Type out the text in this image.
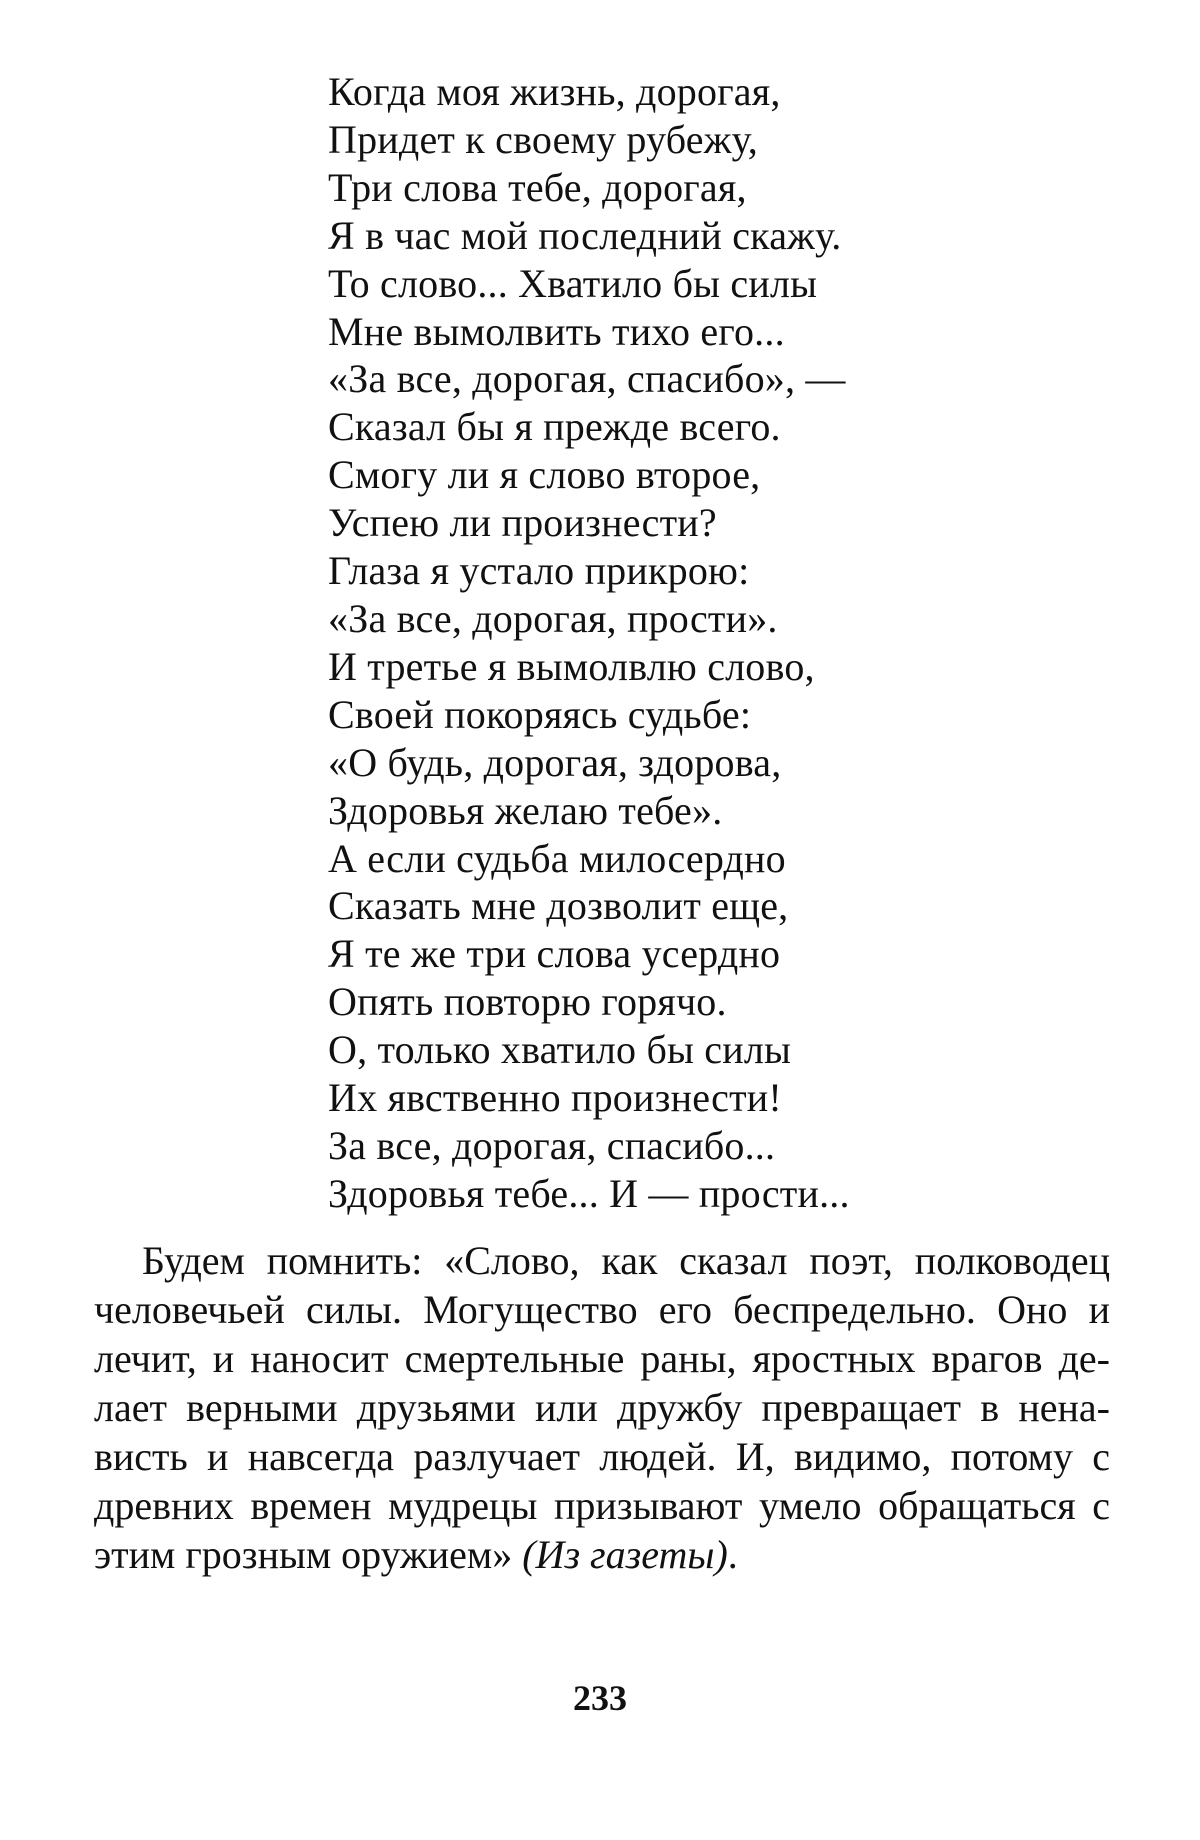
Когда моя жизнь, дорогая,
Придет к своему рубежу,
Три слова тебе, дорогая,
Я в час мой последний скажу.
То слово... Хватило бы силы
Мне вымолвить тихо его...
«За все, дорогая, спасибо», —
Сказал бы я прежде всего.
Смогу ли я слово второе,
Успею ли произнести?
Глаза я устало прикрою:
«За все, дорогая, прости».
И третье я вымолвлю слово,
Своей покоряясь судьбе:
«О будь, дорогая, здорова,
Здоровья желаю тебе».
А если судьба милосердно
Сказать мне дозволит еще,
Я те же три слова усердно
Опять повторю горячо.
О, только хватило бы силы
Их явственно произнести!
За все, дорогая, спасибо...
Здоровья тебе... И — прости...
Будем помнить: «Слово, как сказал поэт, полководец человечьей силы. Могущество его беспредельно. Оно и лечит, и наносит смертельные раны, яростных врагов делает верными друзьями или дружбу превращает в ненависть и навсегда разлучает людей. И, видимо, потому с древних времен мудрецы призывают умело обращаться с этим грозным оружием» (Из газеты).
233
